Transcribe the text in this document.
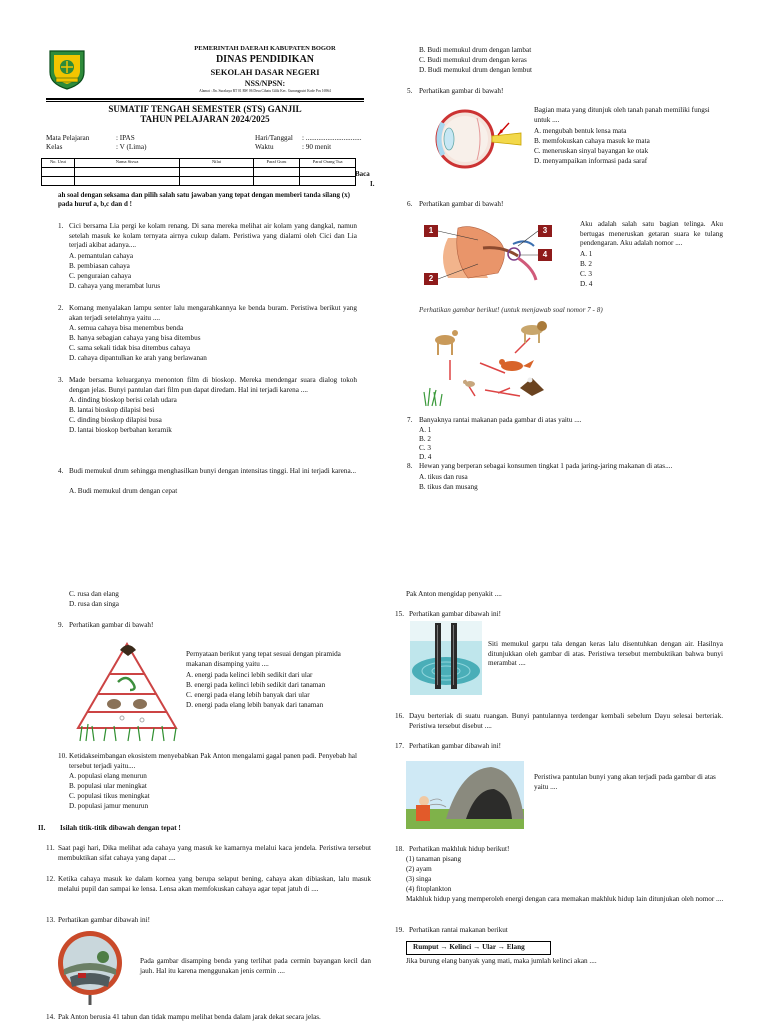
PEMERINTAH DAERAH KABUPATEN BOGOR
DINAS PENDIDIKAN
SEKOLAH DASAR NEGERI
NSS/NPSN:
Alamat : Jln. Surakaya RT 01 RW 06 Desa Cibatu Gilik Kec. Gunungputri Kode Pos 16964
SUMATIF TENGAH SEMESTER (STS) GANJIL
TAHUN PELAJARAN 2024/2025
Mata Pelajaran	: IPAS
Kelas	: V (Lima)
Hari/Tanggal : ...............................
Waktu	: 90 menit
No. Urut	Nama Siswa	Nilai	Paraf Guru	Paraf Orang Tua

Baca
I.
ah soal dengan seksama dan pilih salah satu jawaban yang tepat dengan memberi tanda silang (x) pada huruf a, b,c dan d !
1. Cici bersama Lia pergi ke kolam renang. Di sana mereka melihat air kolam yang dangkal, namun setelah masuk ke kolam ternyata airnya cukup dalam. Peristiwa yang dialami oleh Cici dan Lia terjadi akibat adanya....
A. pemantulan cahaya
B. pembiasan cahaya
C. penguraian cahaya
D. cahaya yang merambat lurus
2. Komang menyalakan lampu senter lalu mengarahkannya ke benda buram. Peristiwa berikut yang akan terjadi setelahnya yaitu ....
A. semua cahaya bisa menembus benda
B. hanya sebagian cahaya yang bisa ditembus
C. sama sekali tidak bisa ditembus cahaya
D. cahaya dipantulkan ke arah yang berlawanan
3. Made bersama keluarganya menonton film di bioskop. Mereka mendengar suara dialog tokoh dengan jelas. Bunyi pantulan dari film pun dapat diredam. Hal ini terjadi karena ....
A. dinding bioskop berisi celah udara
B. lantai bioskop dilapisi besi
C. dinding bioskop dilapisi busa
D. lantai bioskop berbahan keramik
4. Budi memukul drum sehingga menghasilkan bunyi dengan intensitas tinggi. Hal ini terjadi karena...
A. Budi memukul drum dengan cepat
B. Budi memukul drum dengan lambat
C. Budi memukul drum dengan keras
D. Budi memukul drum dengan lembut
5. Perhatikan gambar di bawah!
Bagian mata yang ditunjuk oleh tanah panah memiliki fungsi untuk ....
A. mengubah bentuk lensa mata
B. memfokuskan cahaya masuk ke mata
C. meneruskan sinyal bayangan ke otak
D. menyampaikan informasi pada saraf
6. Perhatikan gambar di bawah!
1	3
4
2
Aku adalah salah satu bagian telinga. Aku bertugas meneruskan getaran suara ke tulang pendengaran. Aku adalah nomor ....
A. 1
B. 2
C. 3
D. 4
Perhatikan gambar berikut! (untuk menjawab soal nomor 7 - 8)
7. Banyaknya rantai makanan pada gambar di atas yaitu ....
A. 1
B. 2
C. 3
D. 4
8. Hewan yang berperan sebagai konsumen tingkat 1 pada jaring-jaring makanan di atas....
A. tikus dan rusa
B. tikus dan musang
C. rusa dan elang
D. rusa dan singa
9. Perhatikan gambar di bawah!
Pernyataan berikut yang tepat sesuai dengan piramida makanan disamping yaitu ....
A. energi pada kelinci lebih sedikit dari ular
B. energi pada kelinci lebih sedikit dari tanaman
C. energi pada elang lebih banyak dari ular
D. energi pada elang lebih banyak dari tanaman
10. Ketidakseimbangan ekosistem menyebabkan Pak Anton mengalami gagal panen padi. Penyebab hal tersebut terjadi yaitu....
A. populasi elang menurun
B. populasi ular meningkat
C. populasi tikus meningkat
D. populasi jamur menurun
II. Isilah titik-titik dibawah dengan tepat !
11. Saat pagi hari, Dika melihat ada cahaya yang masuk ke kamarnya melalui kaca jendela. Peristiwa tersebut membuktikan sifat cahaya yang dapat ....
12. Ketika cahaya masuk ke dalam kornea yang berupa selaput bening, cahaya akan dibiaskan, lalu masuk melalui pupil dan sampai ke lensa. Lensa akan memfokuskan cahaya agar tepat jatuh di ....
13. Perhatikan gambar dibawah ini!
Pada gambar disamping benda yang terlihat pada cermin bayangan kecil dan jauh. Hal itu karena menggunakan jenis cermin ....
14. Pak Anton berusia 41 tahun dan tidak mampu melihat benda dalam jarak dekat secara jelas.
Pak Anton mengidap penyakit ....
15. Perhatikan gambar dibawah ini!
Siti memukul garpu tala dengan keras lalu disentuhkan dengan air. Hasilnya ditunjukkan oleh gambar di atas. Peristiwa tersebut membuktikan bahwa bunyi merambat ....
16. Dayu berteriak di suatu ruangan. Bunyi pantulannya terdengar kembali sebelum Dayu selesai berteriak. Peristiwa tersebut disebut ....
17. Perhatikan gambar dibawah ini!
Peristiwa pantulan bunyi yang akan terjadi pada gambar di atas yaitu ....
18. Perhatikan makhluk hidup berikut!
(1) tanaman pisang
(2) ayam
(3) singa
(4) fitoplankton
Makhluk hidup yang memperoleh energi dengan cara memakan makhluk hidup lain ditunjukan oleh nomor ....
19. Perhatikan rantai makanan berikut
Rumput → Kelinci → Ular → Elang
Jika burung elang banyak yang mati, maka jumlah kelinci akan ....
